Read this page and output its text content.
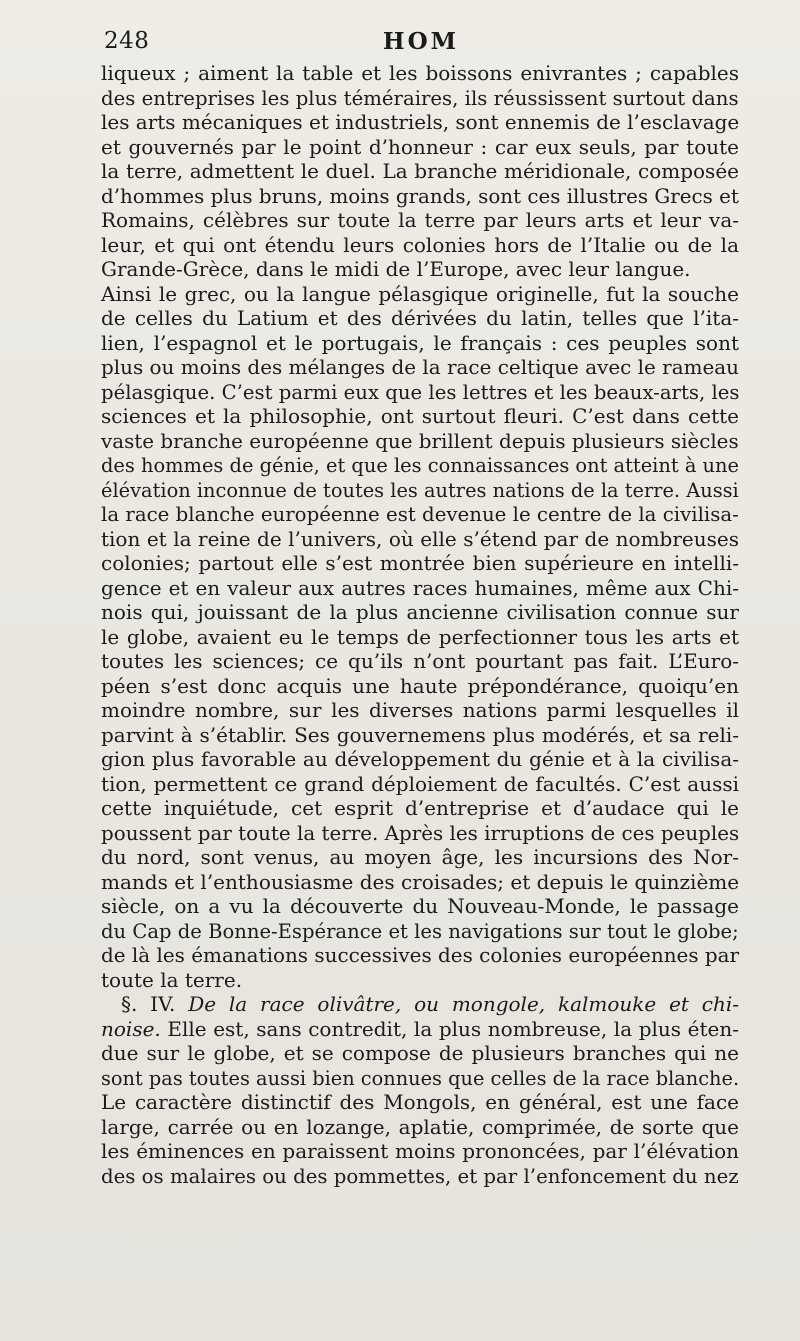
248	HOM
liqueux ; aiment la table et les boissons enivrantes ; capables
des entreprises les plus téméraires, ils réussissent surtout dans
les arts mécaniques et industriels, sont ennemis de l’esclavage
et gouvernés par le point d’honneur : car eux seuls, par toute
la terre, admettent le duel. La branche méridionale, composée
d’hommes plus bruns, moins grands, sont ces illustres Grecs et
Romains, célèbres sur toute la terre par leurs arts et leur va-
leur, et qui ont étendu leurs colonies hors de l’Italie ou de la
Grande-Grèce, dans le midi de l’Europe, avec leur langue.
Ainsi le grec, ou la langue pélasgique originelle, fut la souche
de celles du Latium et des dérivées du latin, telles que l’ita-
lien, l’espagnol et le portugais, le français : ces peuples sont
plus ou moins des mélanges de la race celtique avec le rameau
pélasgique. C’est parmi eux que les lettres et les beaux-arts, les
sciences et la philosophie, ont surtout fleuri. C’est dans cette
vaste branche européenne que brillent depuis plusieurs siècles
des hommes de génie, et que les connaissances ont atteint à une
élévation inconnue de toutes les autres nations de la terre. Aussi
la race blanche européenne est devenue le centre de la civilisa-
tion et la reine de l’univers, où elle s’étend par de nombreuses
colonies; partout elle s’est montrée bien supérieure en intelli-
gence et en valeur aux autres races humaines, même aux Chi-
nois qui, jouissant de la plus ancienne civilisation connue sur
le globe, avaient eu le temps de perfectionner tous les arts et
toutes les sciences; ce qu’ils n’ont pourtant pas fait. L’Euro-
péen s’est donc acquis une haute prépondérance, quoiqu’en
moindre nombre, sur les diverses nations parmi lesquelles il
parvint à s’établir. Ses gouvernemens plus modérés, et sa reli-
gion plus favorable au développement du génie et à la civilisa-
tion, permettent ce grand déploiement de facultés. C’est aussi
cette inquiétude, cet esprit d’entreprise et d’audace qui le
poussent par toute la terre. Après les irruptions de ces peuples
du nord, sont venus, au moyen âge, les incursions des Nor-
mands et l’enthousiasme des croisades; et depuis le quinzième
siècle, on a vu la découverte du Nouveau-Monde, le passage
du Cap de Bonne-Espérance et les navigations sur tout le globe;
de là les émanations successives des colonies européennes par
toute la terre.
§. IV. De la race olivâtre, ou mongole, kalmouke et chi-
noise. Elle est, sans contredit, la plus nombreuse, la plus éten-
due sur le globe, et se compose de plusieurs branches qui ne
sont pas toutes aussi bien connues que celles de la race blanche.
Le caractère distinctif des Mongols, en général, est une face
large, carrée ou en lozange, aplatie, comprimée, de sorte que
les éminences en paraissent moins prononcées, par l’élévation
des os malaires ou des pommettes, et par l’enfoncement du nez
